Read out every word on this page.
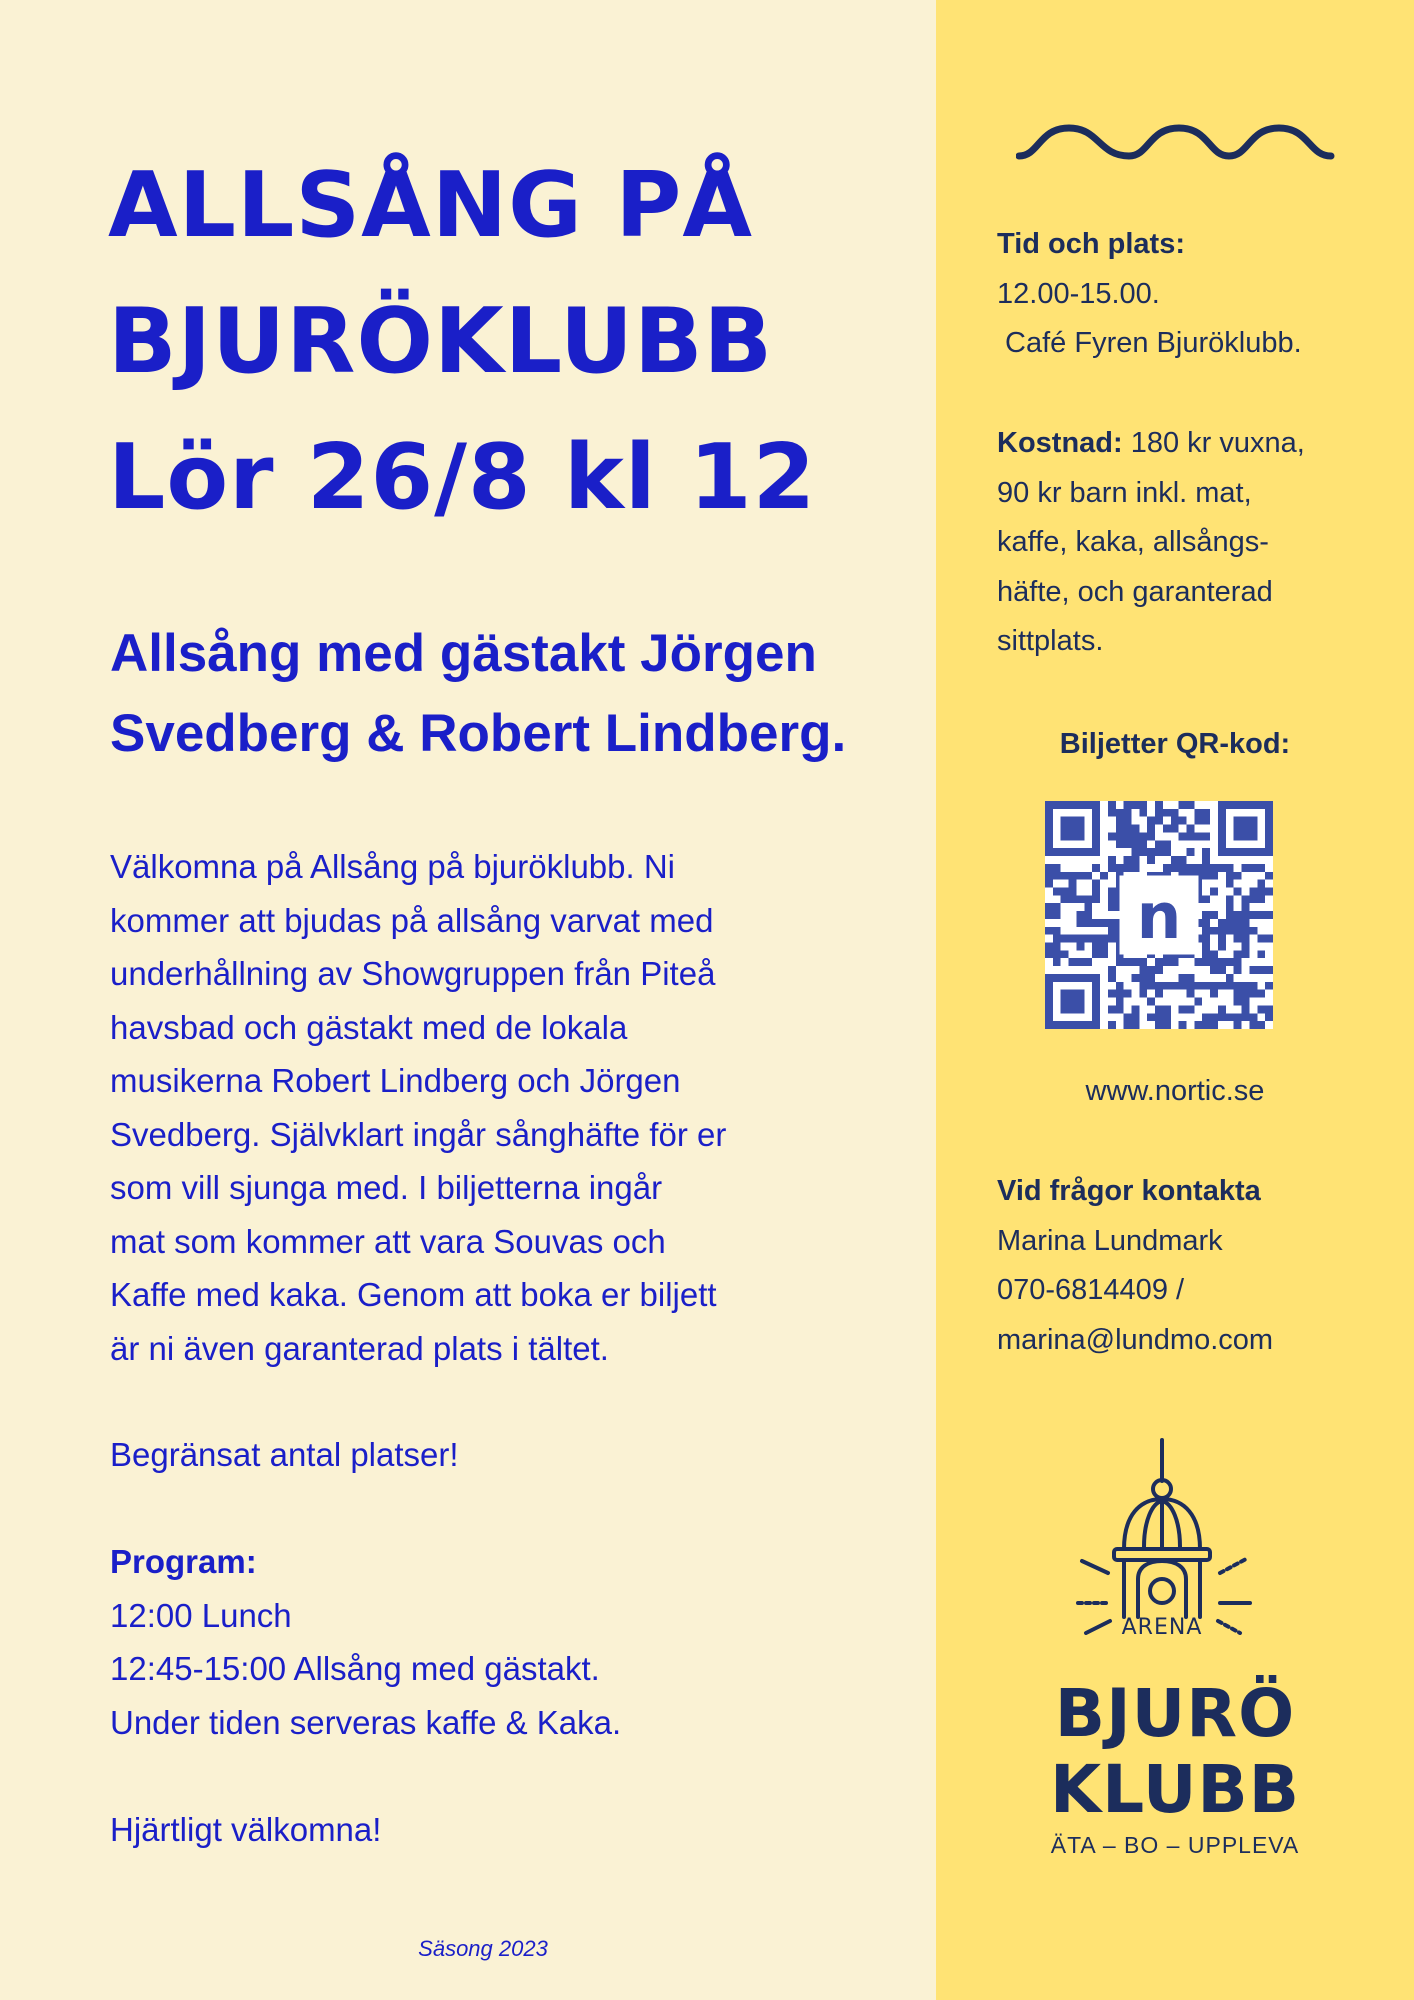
ALLSÅNG PÅ
BJURÖKLUBB
Lör 26/8 kl 12
Allsång med gästakt Jörgen
Svedberg & Robert Lindberg.
Välkomna på Allsång på bjuröklubb. Ni
kommer att bjudas på allsång varvat med
underhållning av Showgruppen från Piteå
havsbad och gästakt med de lokala
musikerna Robert Lindberg och Jörgen
Svedberg. Självklart ingår sånghäfte för er
som vill sjunga med. I biljetterna ingår
mat som kommer att vara Souvas och
Kaffe med kaka. Genom att boka er biljett
är ni även garanterad plats i tältet.
Begränsat antal platser!
Program:
12:00 Lunch
12:45-15:00 Allsång med gästakt.
Under tiden serveras kaffe & Kaka.
Hjärtligt välkomna!
Säsong 2023
Tid och plats:
12.00-15.00.
Café Fyren Bjuröklubb.
Kostnad: 180 kr vuxna,
90 kr barn inkl. mat,
kaffe, kaka, allsångs-
häfte, och garanterad
sittplats.
Biljetter QR-kod:
n
www.nortic.se
Vid frågor kontakta
Marina Lundmark
070-6814409 /
marina@lundmo.com
ARENA
BJURÖ
KLUBB
ÄTA – BO – UPPLEVA
